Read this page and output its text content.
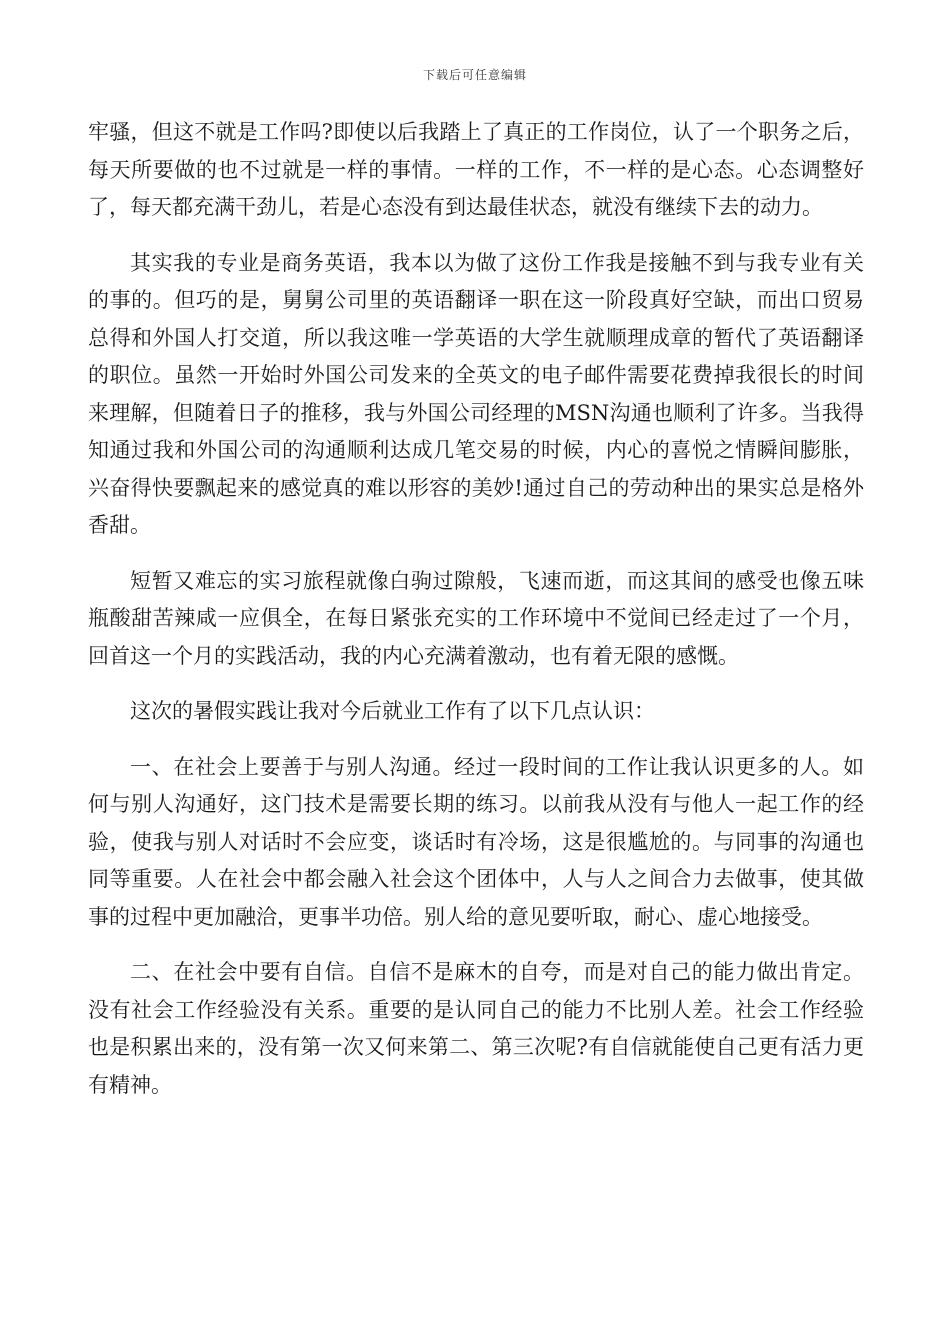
下载后可任意编辑

牢骚，但这不就是工作吗?即使以后我踏上了真正的工作岗位，认了一个职务之后，每天所要做的也不过就是一样的事情。一样的工作，不一样的是心态。心态调整好了，每天都充满干劲儿，若是心态没有到达最佳状态，就没有继续下去的动力。

其实我的专业是商务英语，我本以为做了这份工作我是接触不到与我专业有关的事的。但巧的是，舅舅公司里的英语翻译一职在这一阶段真好空缺，而出口贸易总得和外国人打交道，所以我这唯一学英语的大学生就顺理成章的暂代了英语翻译的职位。虽然一开始时外国公司发来的全英文的电子邮件需要花费掉我很长的时间来理解，但随着日子的推移，我与外国公司经理的MSN沟通也顺利了许多。当我得知通过我和外国公司的沟通顺利达成几笔交易的时候，内心的喜悦之情瞬间膨胀，兴奋得快要飘起来的感觉真的难以形容的美妙!通过自己的劳动种出的果实总是格外香甜。

短暂又难忘的实习旅程就像白驹过隙般，飞速而逝，而这其间的感受也像五味瓶酸甜苦辣咸一应俱全，在每日紧张充实的工作环境中不觉间已经走过了一个月，回首这一个月的实践活动，我的内心充满着激动，也有着无限的感慨。

这次的暑假实践让我对今后就业工作有了以下几点认识：

一、在社会上要善于与别人沟通。经过一段时间的工作让我认识更多的人。如何与别人沟通好，这门技术是需要长期的练习。以前我从没有与他人一起工作的经验，使我与别人对话时不会应变，谈话时有冷场，这是很尴尬的。与同事的沟通也同等重要。人在社会中都会融入社会这个团体中，人与人之间合力去做事，使其做事的过程中更加融洽，更事半功倍。别人给的意见要听取，耐心、虚心地接受。

二、在社会中要有自信。自信不是麻木的自夸，而是对自己的能力做出肯定。没有社会工作经验没有关系。重要的是认同自己的能力不比别人差。社会工作经验也是积累出来的，没有第一次又何来第二、第三次呢?有自信就能使自己更有活力更有精神。
